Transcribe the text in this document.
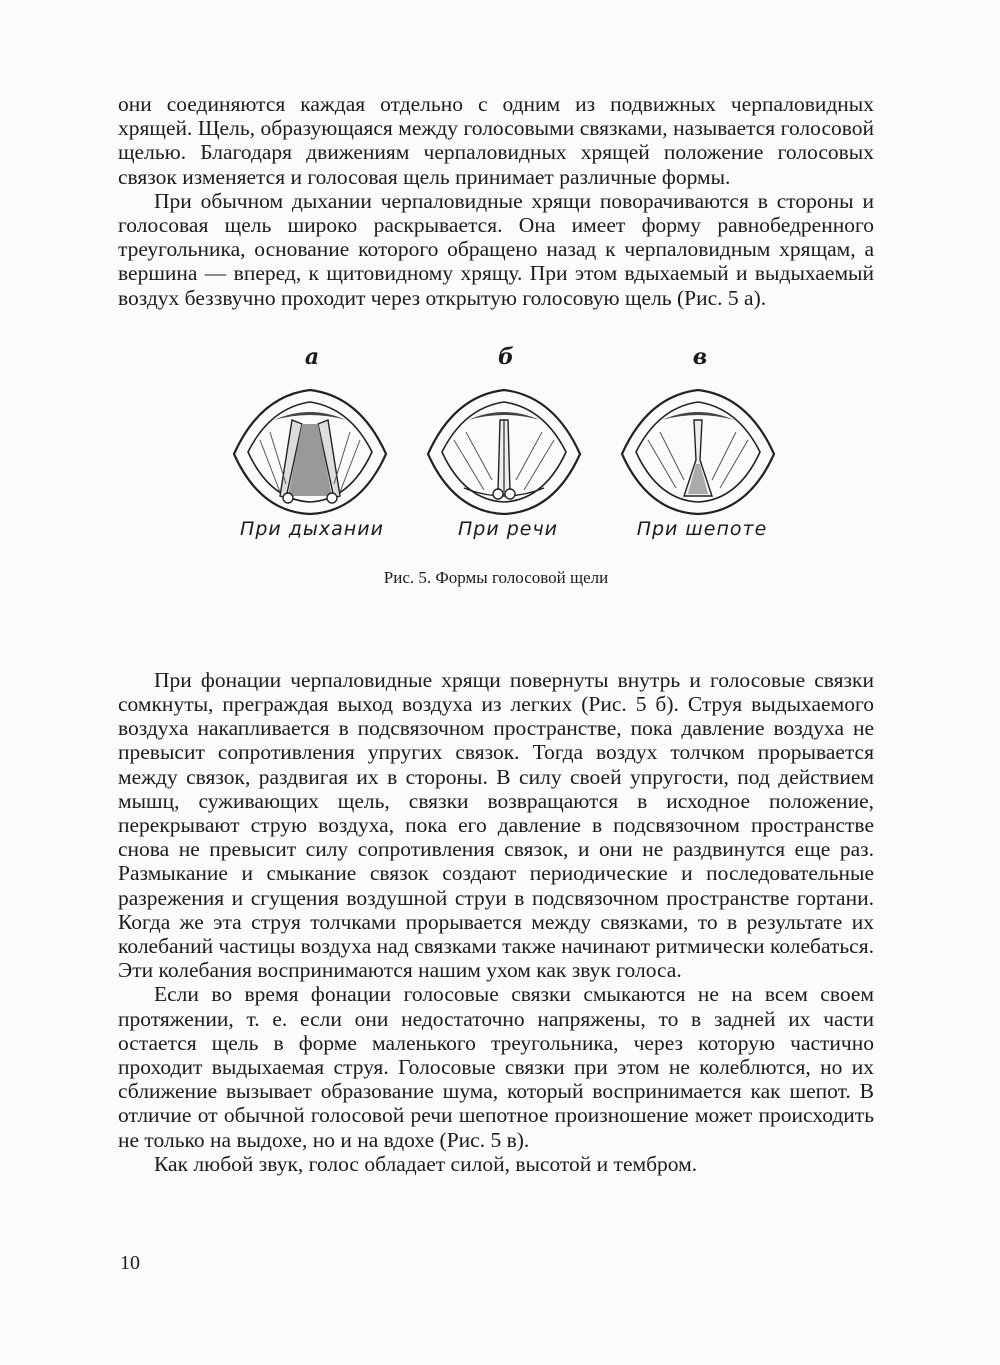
они соединяются каждая отдельно с одним из подвижных черпаловидных хрящей. Щель, образующаяся между голосовыми связками, называется голосовой щелью. Благодаря движениям черпаловидных хрящей положение голосовых связок изменяется и голосовая щель принимает различные формы.

При обычном дыхании черпаловидные хрящи поворачиваются в стороны и голосовая щель широко раскрывается. Она имеет форму равнобедренного треугольника, основание которого обращено назад к черпаловидным хрящам, а вершина — вперед, к щитовидному хрящу. При этом вдыхаемый и выдыхаемый воздух беззвучно проходит через открытую голосовую щель (Рис. 5 а).

а
При дыхании
б
При речи
в
При шепоте
Рис. 5. Формы голосовой щели

При фонации черпаловидные хрящи повернуты внутрь и голосовые связки сомкнуты, преграждая выход воздуха из легких (Рис. 5 б). Струя выдыхаемого воздуха накапливается в подсвязочном пространстве, пока давление воздуха не превысит сопротивления упругих связок. Тогда воздух толчком прорывается между связок, раздвигая их в стороны. В силу своей упругости, под действием мышц, суживающих щель, связки возвращаются в исходное положение, перекрывают струю воздуха, пока его давление в подсвязочном пространстве снова не превысит силу сопротивления связок, и они не раздвинутся еще раз. Размыкание и смыкание связок создают периодические и последовательные разрежения и сгущения воздушной струи в подсвязочном пространстве гортани. Когда же эта струя толчками прорывается между связками, то в результате их колебаний частицы воздуха над связками также начинают ритмически колебаться. Эти колебания воспринимаются нашим ухом как звук голоса.

Если во время фонации голосовые связки смыкаются не на всем своем протяжении, т. е. если они недостаточно напряжены, то в задней их части остается щель в форме маленького треугольника, через которую частично проходит выдыхаемая струя. Голосовые связки при этом не колеблются, но их сближение вызывает образование шума, который воспринимается как шепот. В отличие от обычной голосовой речи шепотное произношение может происходить не только на выдохе, но и на вдохе (Рис. 5 в).

Как любой звук, голос обладает силой, высотой и тембром.

10
